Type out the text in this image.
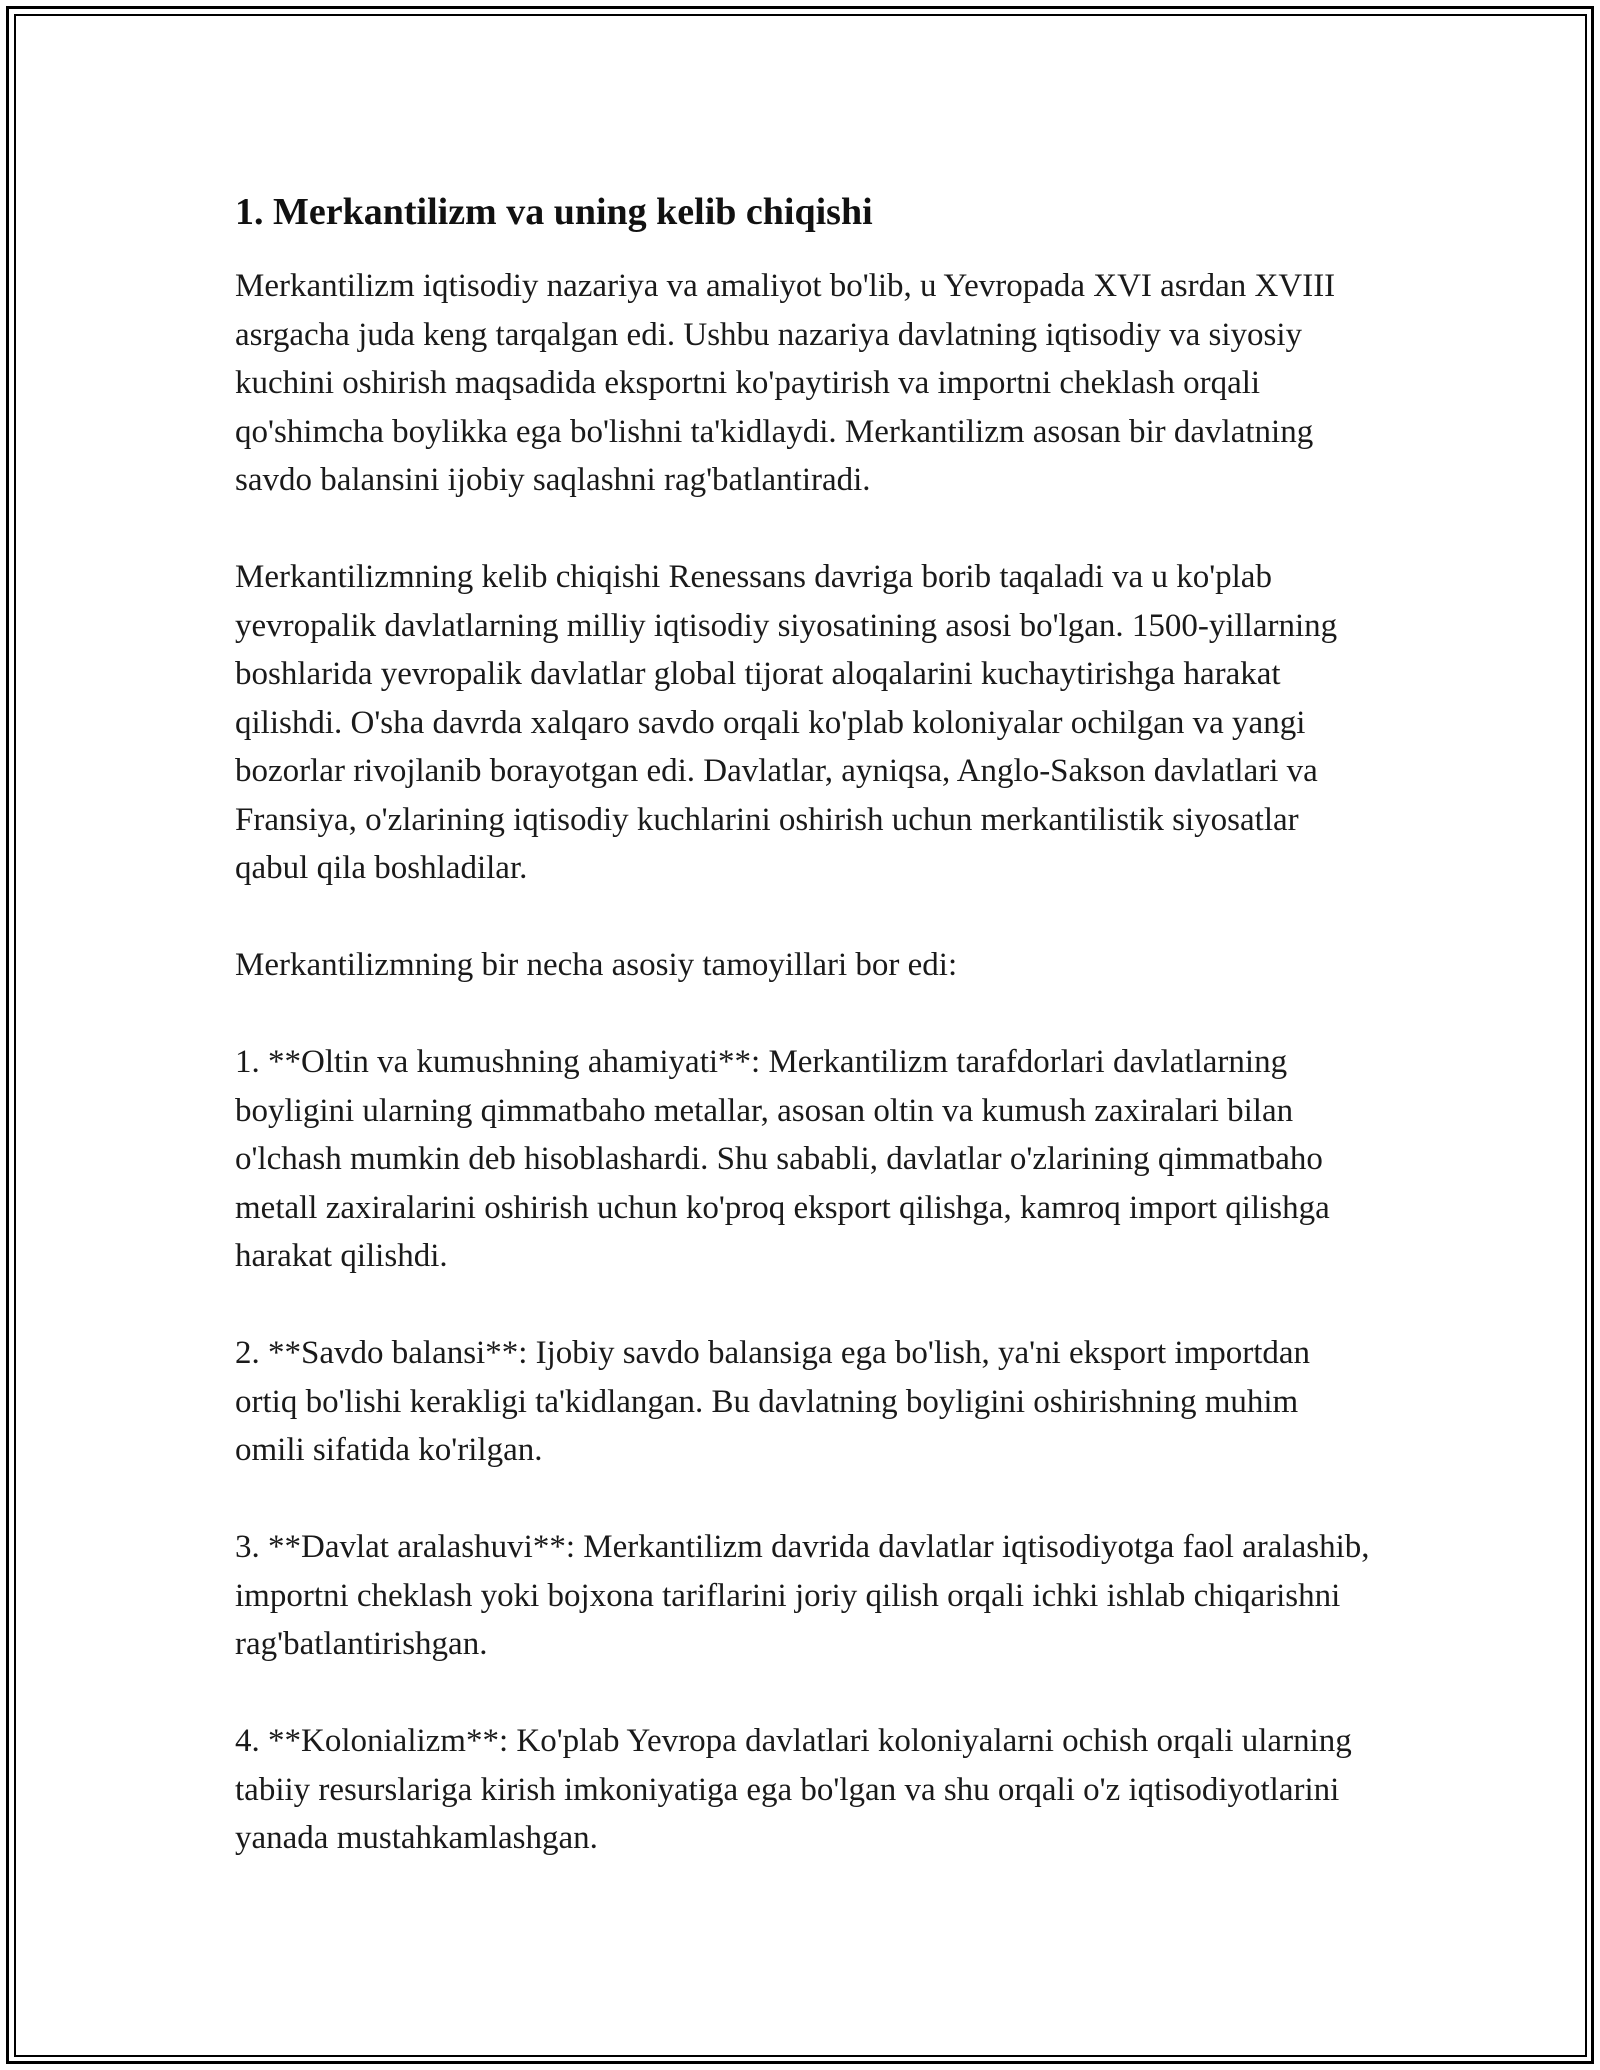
1. Merkantilizm va uning kelib chiqishi

Merkantilizm iqtisodiy nazariya va amaliyot bo'lib, u Yevropada XVI asrdan XVIII asrgacha juda keng tarqalgan edi. Ushbu nazariya davlatning iqtisodiy va siyosiy kuchini oshirish maqsadida eksportni ko'paytirish va importni cheklash orqali qo'shimcha boylikka ega bo'lishni ta'kidlaydi. Merkantilizm asosan bir davlatning savdo balansini ijobiy saqlashni rag'batlantiradi.

Merkantilizmning kelib chiqishi Renessans davriga borib taqaladi va u ko'plab yevropalik davlatlarning milliy iqtisodiy siyosatining asosi bo'lgan. 1500-yillarning boshlarida yevropalik davlatlar global tijorat aloqalarini kuchaytirishga harakat qilishdi. O'sha davrda xalqaro savdo orqali ko'plab koloniyalar ochilgan va yangi bozorlar rivojlanib borayotgan edi. Davlatlar, ayniqsa, Anglo-Sakson davlatlari va Fransiya, o'zlarining iqtisodiy kuchlarini oshirish uchun merkantilistik siyosatlar qabul qila boshladilar.

Merkantilizmning bir necha asosiy tamoyillari bor edi:

1. **Oltin va kumushning ahamiyati**: Merkantilizm tarafdorlari davlatlarning boyligini ularning qimmatbaho metallar, asosan oltin va kumush zaxiralari bilan o'lchash mumkin deb hisoblashardi. Shu sababli, davlatlar o'zlarining qimmatbaho metall zaxiralarini oshirish uchun ko'proq eksport qilishga, kamroq import qilishga harakat qilishdi.

2. **Savdo balansi**: Ijobiy savdo balansiga ega bo'lish, ya'ni eksport importdan ortiq bo'lishi kerakligi ta'kidlangan. Bu davlatning boyligini oshirishning muhim omili sifatida ko'rilgan.

3. **Davlat aralashuvi**: Merkantilizm davrida davlatlar iqtisodiyotga faol aralashib, importni cheklash yoki bojxona tariflarini joriy qilish orqali ichki ishlab chiqarishni rag'batlantirishgan.

4. **Kolonializm**: Ko'plab Yevropa davlatlari koloniyalarni ochish orqali ularning tabiiy resurslariga kirish imkoniyatiga ega bo'lgan va shu orqali o'z iqtisodiyotlarini yanada mustahkamlashgan.
